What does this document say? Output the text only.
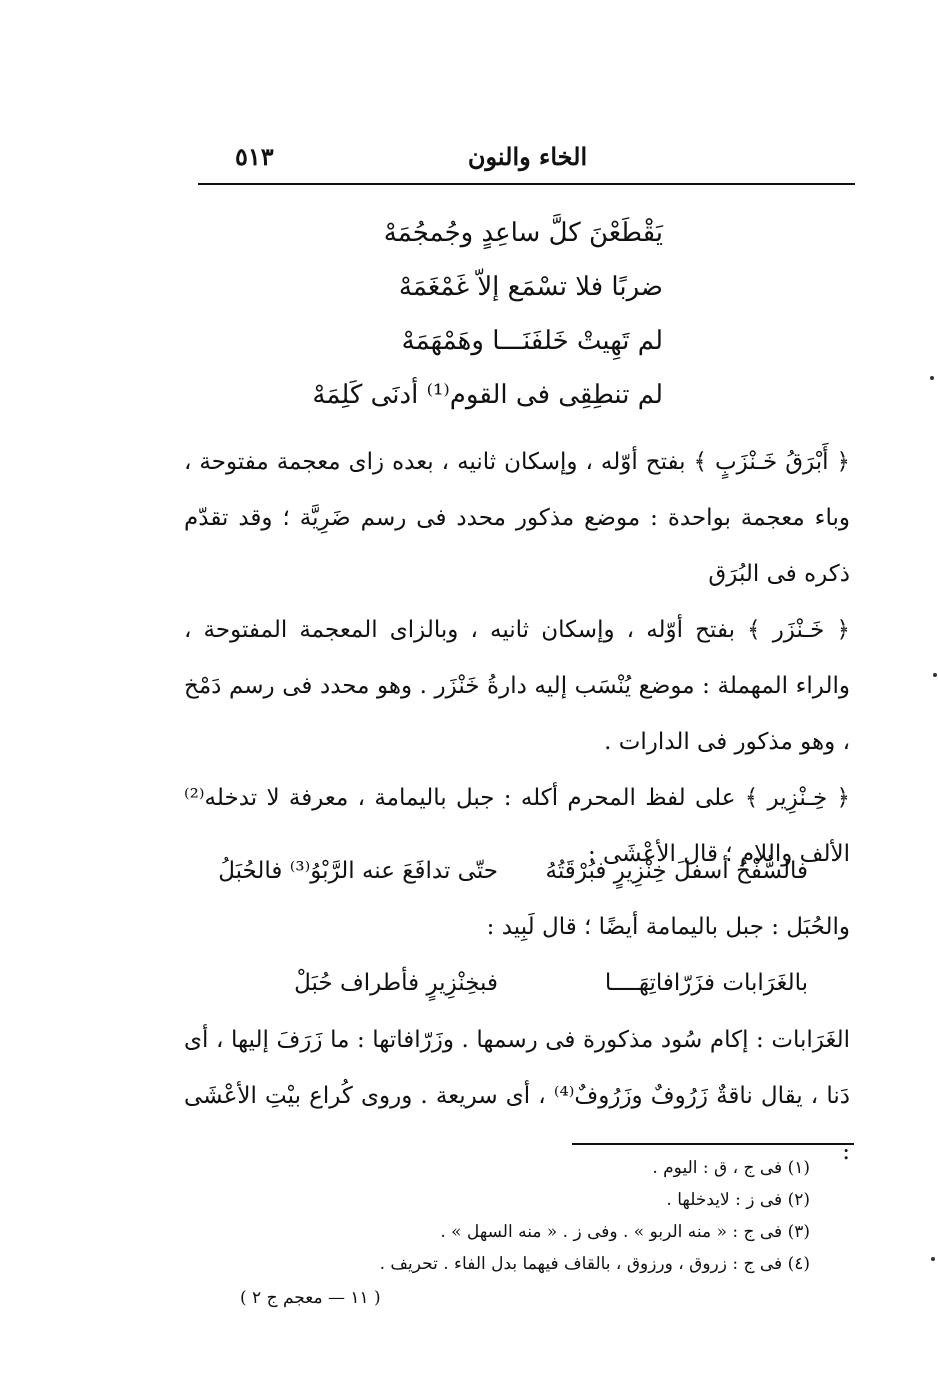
الخاء والنون
٥١٣
يَقْطَعْنَ كلَّ ساعِدٍ وجُمجُمَهْ
ضربًا فلا تسْمَع إلاّ غَمْغَمَهْ
لم تَهِيتْ خَلفَنَـــا وهَمْهَمَهْ
لم تنطِقِى فى القوم⁽¹⁾ أدنَى كَلِمَهْ
﴿ أَبْرَقُ خَـنْزَبٍ ﴾ بفتح أوّله ، وإسكان ثانيه ، بعده زاى معجمة مفتوحة ، وباء معجمة بواحدة : موضع مذكور محدد فى رسم ضَرِيَّة ؛ وقد تقدّم ذكره فى البُرَق
﴿ خَـنْزَر ﴾ بفتح أوّله ، وإسكان ثانيه ، وبالزاى المعجمة المفتوحة ، والراء المهملة : موضع يُنْسَب إليه دارةُ خَنْزَر . وهو محدد فى رسم دَمْخ ، وهو مذكور فى الدارات .
﴿ خِـنْزِير ﴾ على لفظ المحرم أكله : جبل باليمامة ، معرفة لا تدخله⁽²⁾ الألف واللام ؛ قال الأعْشَى :
فالسُّفْحُ أسفلَ خِنْزِيرٍ فبُرْقَتُهُ
حتّى تدافَعَ عنه الرَّبْوُ⁽³⁾ فالحُبَلُ
والحُبَل : جبل باليمامة أيضًا ؛ قال لَبِيد :
بالغَرَابات فزَرّافاتِهَــــا
فبخِنْزِيرٍ فأطراف حُبَلْ
الغَرَابات : إكام سُود مذكورة فى رسمها . وزَرّافاتها : ما زَرَفَ إليها ، أى دَنا ، يقال ناقةٌ زَرُوفٌ وزَرُوفٌ⁽⁴⁾ ، أى سريعة . وروى كُراع بيْتِ الأعْشَى :
(١) فى ج ، ق : اليوم .
(٢) فى ز : لايدخلها .
(٣) فى ج : « منه الربو » . وفى ز . « منه السهل » .
(٤) فى ج : زروق ، ورزوق ، بالقاف فيهما بدل الفاء . تحريف .
( ١١ — معجم ج ٢ )
